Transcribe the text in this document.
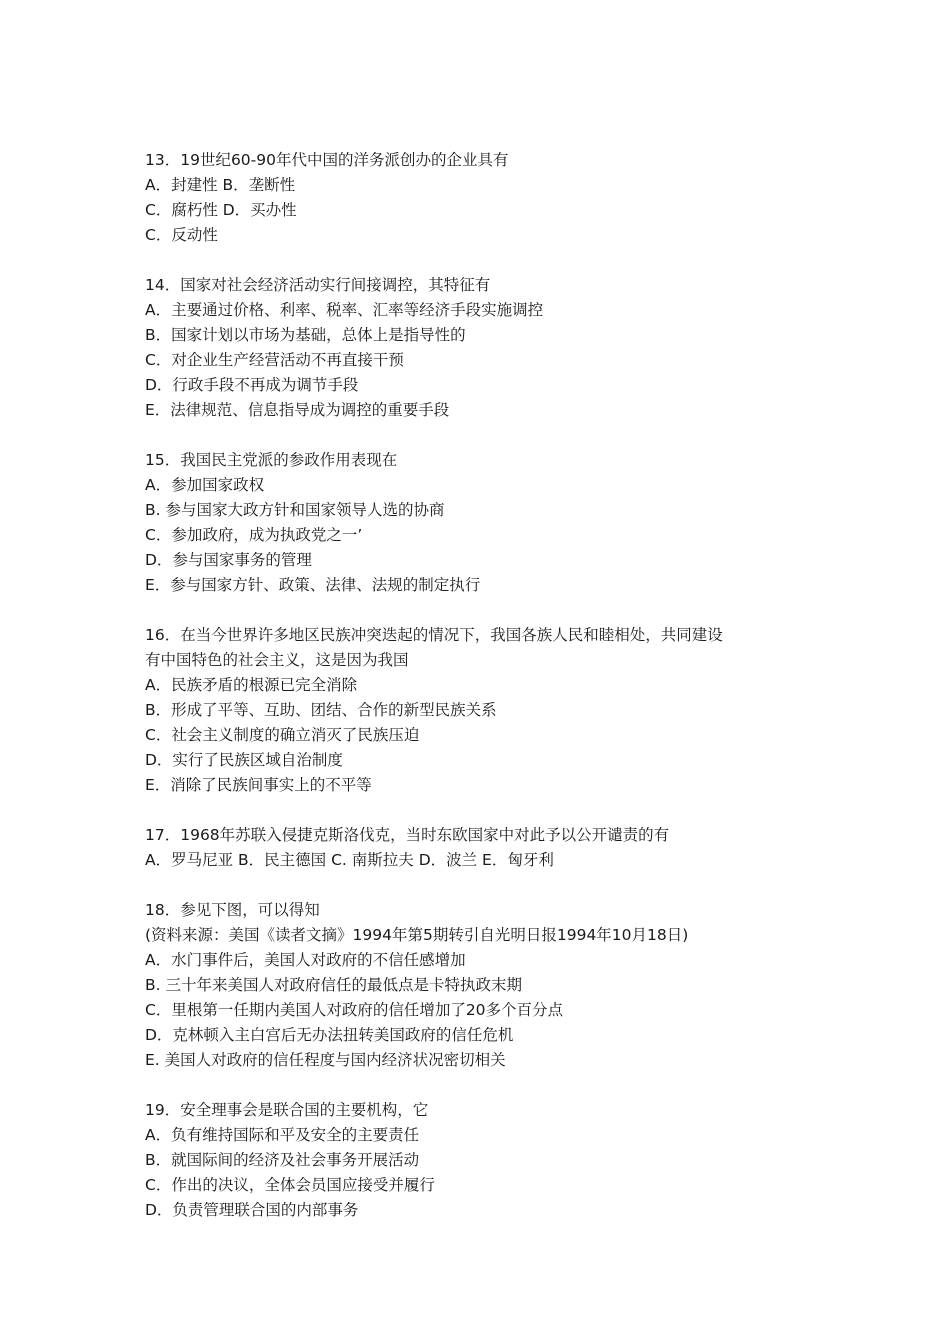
13．19世纪60-90年代中国的洋务派创办的企业具有
A．封建性 B．垄断性
C．腐朽性 D．买办性
C．反动性
14．国家对社会经济活动实行间接调控，其特征有
A．主要通过价格、利率、税率、汇率等经济手段实施调控
B．国家计划以市场为基础，总体上是指导性的
C．对企业生产经营活动不再直接干预
D．行政手段不再成为调节手段
E．法律规范、信息指导成为调控的重要手段
15．我国民主党派的参政作用表现在
A．参加国家政权
B. 参与国家大政方针和国家领导人选的协商
C．参加政府，成为执政党之一’
D．参与国家事务的管理
E．参与国家方针、政策、法律、法规的制定执行
16．在当今世界许多地区民族冲突迭起的情况下，我国各族人民和睦相处，共同建设
有中国特色的社会主义，这是因为我国
A．民族矛盾的根源已完全消除
B．形成了平等、互助、团结、合作的新型民族关系
C．社会主义制度的确立消灭了民族压迫
D．实行了民族区域自治制度
E．消除了民族间事实上的不平等
17．1968年苏联入侵捷克斯洛伐克，当时东欧国家中对此予以公开谴责的有
A．罗马尼亚 B．民主德国 C. 南斯拉夫 D．波兰 E．匈牙利
18．参见下图，可以得知
(资料来源：美国《读者文摘》1994年第5期转引自光明日报1994年10月18日)
A．水门事件后，美国人对政府的不信任感增加
B. 三十年来美国人对政府信任的最低点是卡特执政末期
C．里根第一任期内美国人对政府的信任增加了20多个百分点
D．克林顿入主白宫后无办法扭转美国政府的信任危机
E. 美国人对政府的信任程度与国内经济状况密切相关
19．安全理事会是联合国的主要机构，它
A．负有维持国际和平及安全的主要责任
B．就国际间的经济及社会事务开展活动
C．作出的决议，全体会员国应接受并履行
D．负责管理联合国的内部事务
